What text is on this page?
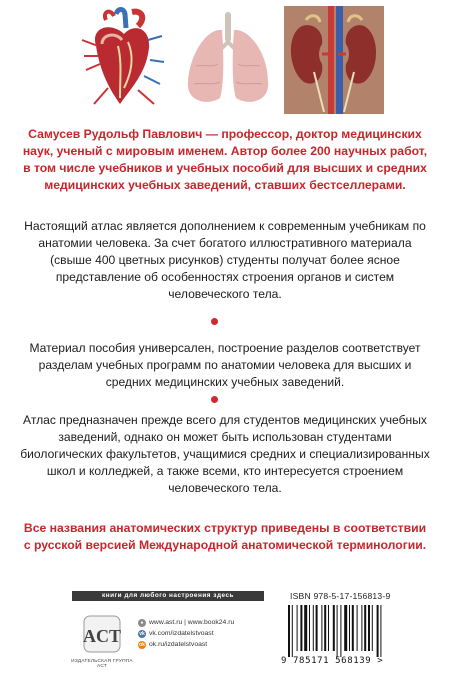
Самусев Рудольф Павлович — профессор, доктор медицинских наук, ученый с мировым именем. Автор более 200 научных работ, в том числе учебников и учебных пособий для высших и средних медицинских учебных заведений, ставших бестселлерами.

Настоящий атлас является дополнением к современным учебникам по анатомии человека. За счет богатого иллюстративного материала (свыше 400 цветных рисунков) студенты получат более ясное представление об особенностях строения органов и систем человеческого тела.

Материал пособия универсален, построение разделов соответствует разделам учебных программ по анатомии человека для высших и средних медицинских учебных заведений.

Атлас предназначен прежде всего для студентов медицинских учебных заведений, однако он может быть использован студентами биологических факультетов, учащимися средних и специализированных школ и колледжей, а также всеми, кто интересуется строением человеческого тела.

Все названия анатомических структур приведены в соответствии с русской версией Международной анатомической терминологии.

книги для любого настроения здесь
ACT
ИЗДАТЕЛЬСКАЯ ГРУППА АСТ
● www.ast.ru | www.book24.ru
vk vk.com/izdatelstvoast
ok ok.ru/izdatelstvoast
ISBN 978-5-17-156813-9
9 785171 568139 >
